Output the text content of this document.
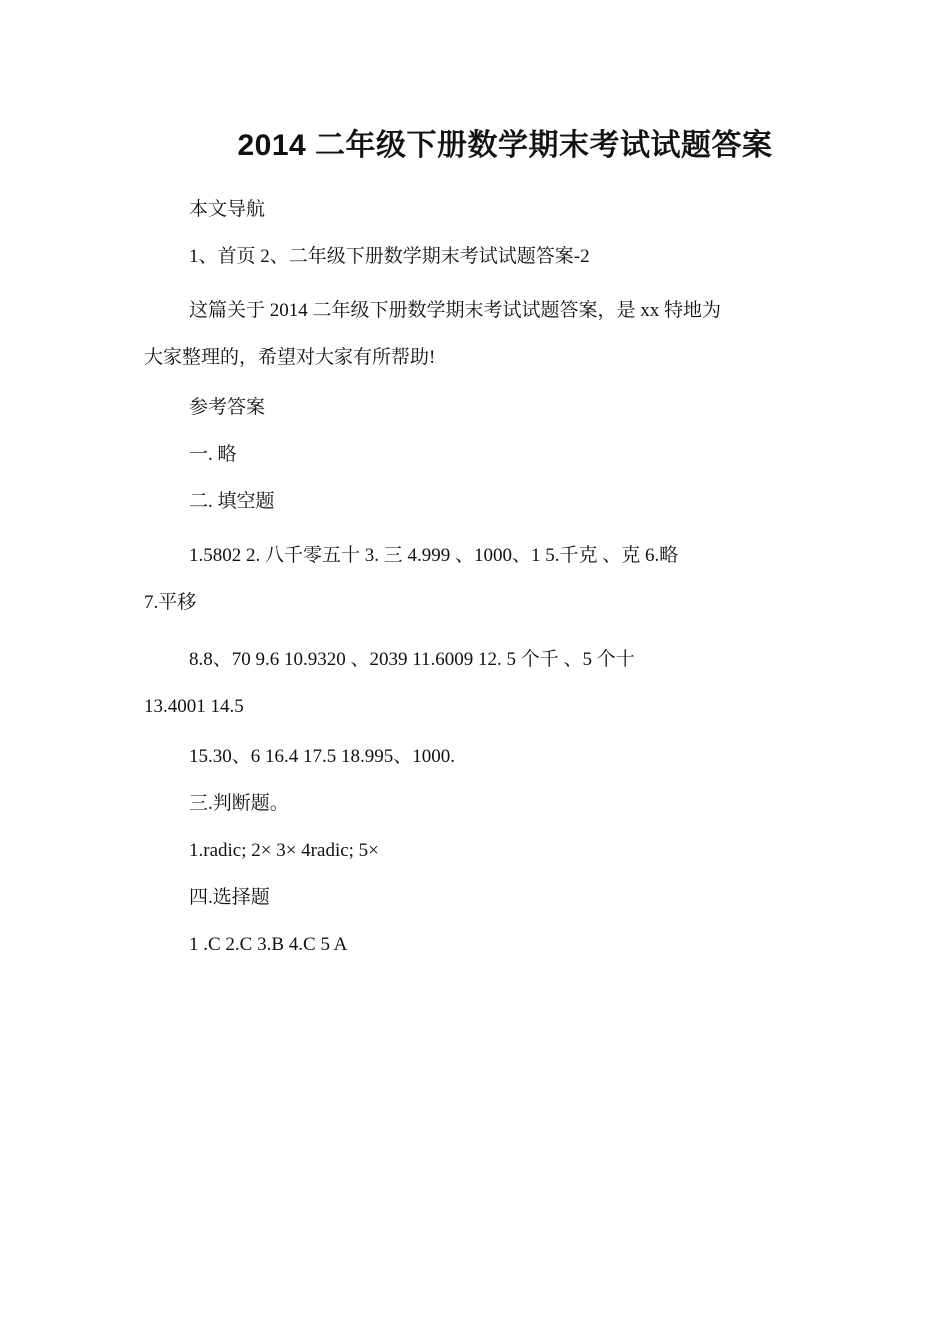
2014 二年级下册数学期末考试试题答案

本文导航

1、首页 2、二年级下册数学期末考试试题答案-2

这篇关于 2014 二年级下册数学期末考试试题答案，是 xx 特地为
大家整理的，希望对大家有所帮助!

参考答案

一. 略

二. 填空题

1.5802 2. 八千零五十 3. 三 4.999 、1000、1 5.千克 、克 6.略
7.平移
8.8、70 9.6 10.9320 、2039 11.6009 12. 5 个千 、5 个十
13.4001 14.5

15.30、6 16.4 17.5 18.995、1000.

三.判断题。

1.radic; 2× 3× 4radic; 5×

四.选择题

1 .C 2.C 3.B 4.C 5 A
